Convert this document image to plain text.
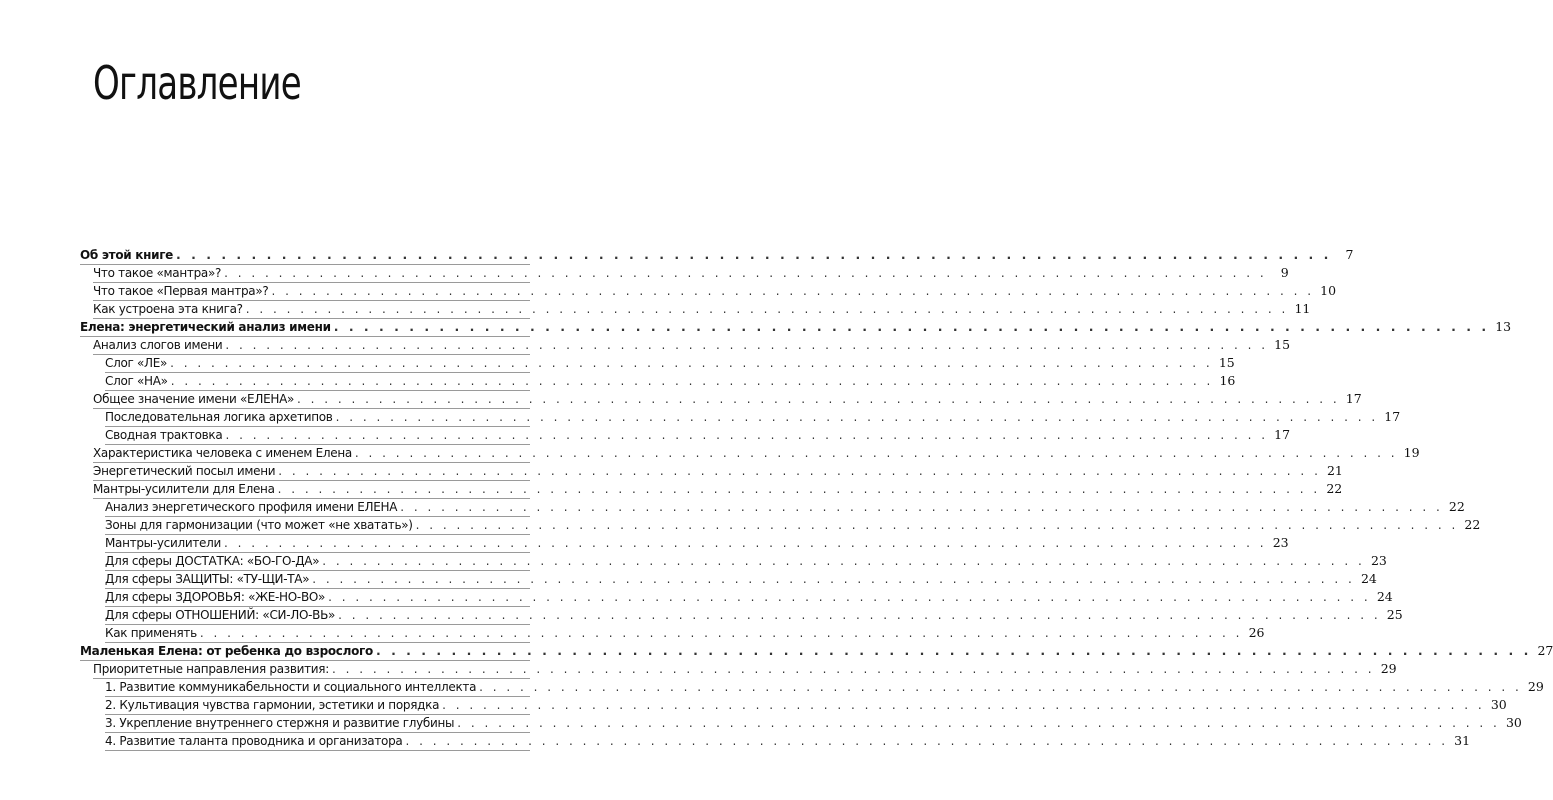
Оглавление
Об этой книге . . . . . . . . . . . . . . . . . . . . . . . . . . . . . . . . . . . . . . . . . . . . . . . . . . . . . . . . . . . . . . . . . . . . . . . . . . . . .	7
Что такое «мантра»? . . . . . . . . . . . . . . . . . . . . . . . . . . . . . . . . . . . . . . . . . . . . . . . . . . . . . . . . . . . . . . . . . . . . . . . . . . . . .	9
Что такое «Первая мантра»? . . . . . . . . . . . . . . . . . . . . . . . . . . . . . . . . . . . . . . . . . . . . . . . . . . . . . . . . . . . . . . . . . . . . . . . . . . . . . 10
Как устроена эта книга? . . . . . . . . . . . . . . . . . . . . . . . . . . . . . . . . . . . . . . . . . . . . . . . . . . . . . . . . . . . . . . . . . . . . . . . . . . . . . 11
Елена: энергетический анализ имени . . . . . . . . . . . . . . . . . . . . . . . . . . . . . . . . . . . . . . . . . . . . . . . . . . . . . . . . . . . . . . . . . . . . . . . . . . . . . 13
Анализ слогов имени . . . . . . . . . . . . . . . . . . . . . . . . . . . . . . . . . . . . . . . . . . . . . . . . . . . . . . . . . . . . . . . . . . . . . . . . . . . . . 15
Слог «ЛЕ» . . . . . . . . . . . . . . . . . . . . . . . . . . . . . . . . . . . . . . . . . . . . . . . . . . . . . . . . . . . . . . . . . . . . . . . . . . . . . 15
Слог «НА» . . . . . . . . . . . . . . . . . . . . . . . . . . . . . . . . . . . . . . . . . . . . . . . . . . . . . . . . . . . . . . . . . . . . . . . . . . . . . 16
Общее значение имени «ЕЛЕНА» . . . . . . . . . . . . . . . . . . . . . . . . . . . . . . . . . . . . . . . . . . . . . . . . . . . . . . . . . . . . . . . . . . . . . . . . . . . . . 17
Последовательная логика архетипов . . . . . . . . . . . . . . . . . . . . . . . . . . . . . . . . . . . . . . . . . . . . . . . . . . . . . . . . . . . . . . . . . . . . . . . . . . . . . 17
Сводная трактовка . . . . . . . . . . . . . . . . . . . . . . . . . . . . . . . . . . . . . . . . . . . . . . . . . . . . . . . . . . . . . . . . . . . . . . . . . . . . . 17
Характеристика человека с именем Елена . . . . . . . . . . . . . . . . . . . . . . . . . . . . . . . . . . . . . . . . . . . . . . . . . . . . . . . . . . . . . . . . . . . . . . . . . . . . . 19
Энергетический посыл имени . . . . . . . . . . . . . . . . . . . . . . . . . . . . . . . . . . . . . . . . . . . . . . . . . . . . . . . . . . . . . . . . . . . . . . . . . . . . . 21
Мантры-усилители для Елена . . . . . . . . . . . . . . . . . . . . . . . . . . . . . . . . . . . . . . . . . . . . . . . . . . . . . . . . . . . . . . . . . . . . . . . . . . . . . 22
Анализ энергетического профиля имени ЕЛЕНА . . . . . . . . . . . . . . . . . . . . . . . . . . . . . . . . . . . . . . . . . . . . . . . . . . . . . . . . . . . . . . . . . . . . . . . . . . . . . 22
Зоны для гармонизации (что может «не хватать») . . . . . . . . . . . . . . . . . . . . . . . . . . . . . . . . . . . . . . . . . . . . . . . . . . . . . . . . . . . . . . . . . . . . . . . . . . . . . 22
Мантры-усилители . . . . . . . . . . . . . . . . . . . . . . . . . . . . . . . . . . . . . . . . . . . . . . . . . . . . . . . . . . . . . . . . . . . . . . . . . . . . . 23
Для сферы ДОСТАТКА: «БО-ГО-ДА» . . . . . . . . . . . . . . . . . . . . . . . . . . . . . . . . . . . . . . . . . . . . . . . . . . . . . . . . . . . . . . . . . . . . . . . . . . . . . 23
Для сферы ЗАЩИТЫ: «ТУ-ЩИ-ТА» . . . . . . . . . . . . . . . . . . . . . . . . . . . . . . . . . . . . . . . . . . . . . . . . . . . . . . . . . . . . . . . . . . . . . . . . . . . . . 24
Для сферы ЗДОРОВЬЯ: «ЖЕ-НО-ВО» . . . . . . . . . . . . . . . . . . . . . . . . . . . . . . . . . . . . . . . . . . . . . . . . . . . . . . . . . . . . . . . . . . . . . . . . . . . . . 24
Для сферы ОТНОШЕНИЙ: «СИ-ЛО-ВЬ» . . . . . . . . . . . . . . . . . . . . . . . . . . . . . . . . . . . . . . . . . . . . . . . . . . . . . . . . . . . . . . . . . . . . . . . . . . . . . 25
Как применять . . . . . . . . . . . . . . . . . . . . . . . . . . . . . . . . . . . . . . . . . . . . . . . . . . . . . . . . . . . . . . . . . . . . . . . . . . . . . 26
Маленькая Елена: от ребенка до взрослого . . . . . . . . . . . . . . . . . . . . . . . . . . . . . . . . . . . . . . . . . . . . . . . . . . . . . . . . . . . . . . . . . . . . . . . . . . . . . 27
Приоритетные направления развития: . . . . . . . . . . . . . . . . . . . . . . . . . . . . . . . . . . . . . . . . . . . . . . . . . . . . . . . . . . . . . . . . . . . . . . . . . . . . . 29
1. Развитие коммуникабельности и социального интеллекта . . . . . . . . . . . . . . . . . . . . . . . . . . . . . . . . . . . . . . . . . . . . . . . . . . . . . . . . . . . . . . . . . . . . . . . . . . . . . 29
2. Культивация чувства гармонии, эстетики и порядка . . . . . . . . . . . . . . . . . . . . . . . . . . . . . . . . . . . . . . . . . . . . . . . . . . . . . . . . . . . . . . . . . . . . . . . . . . . . . 30
3. Укрепление внутреннего стержня и развитие глубины . . . . . . . . . . . . . . . . . . . . . . . . . . . . . . . . . . . . . . . . . . . . . . . . . . . . . . . . . . . . . . . . . . . . . . . . . . . . . 30
4. Развитие таланта проводника и организатора . . . . . . . . . . . . . . . . . . . . . . . . . . . . . . . . . . . . . . . . . . . . . . . . . . . . . . . . . . . . . . . . . . . . . . . . . . . . . 31
